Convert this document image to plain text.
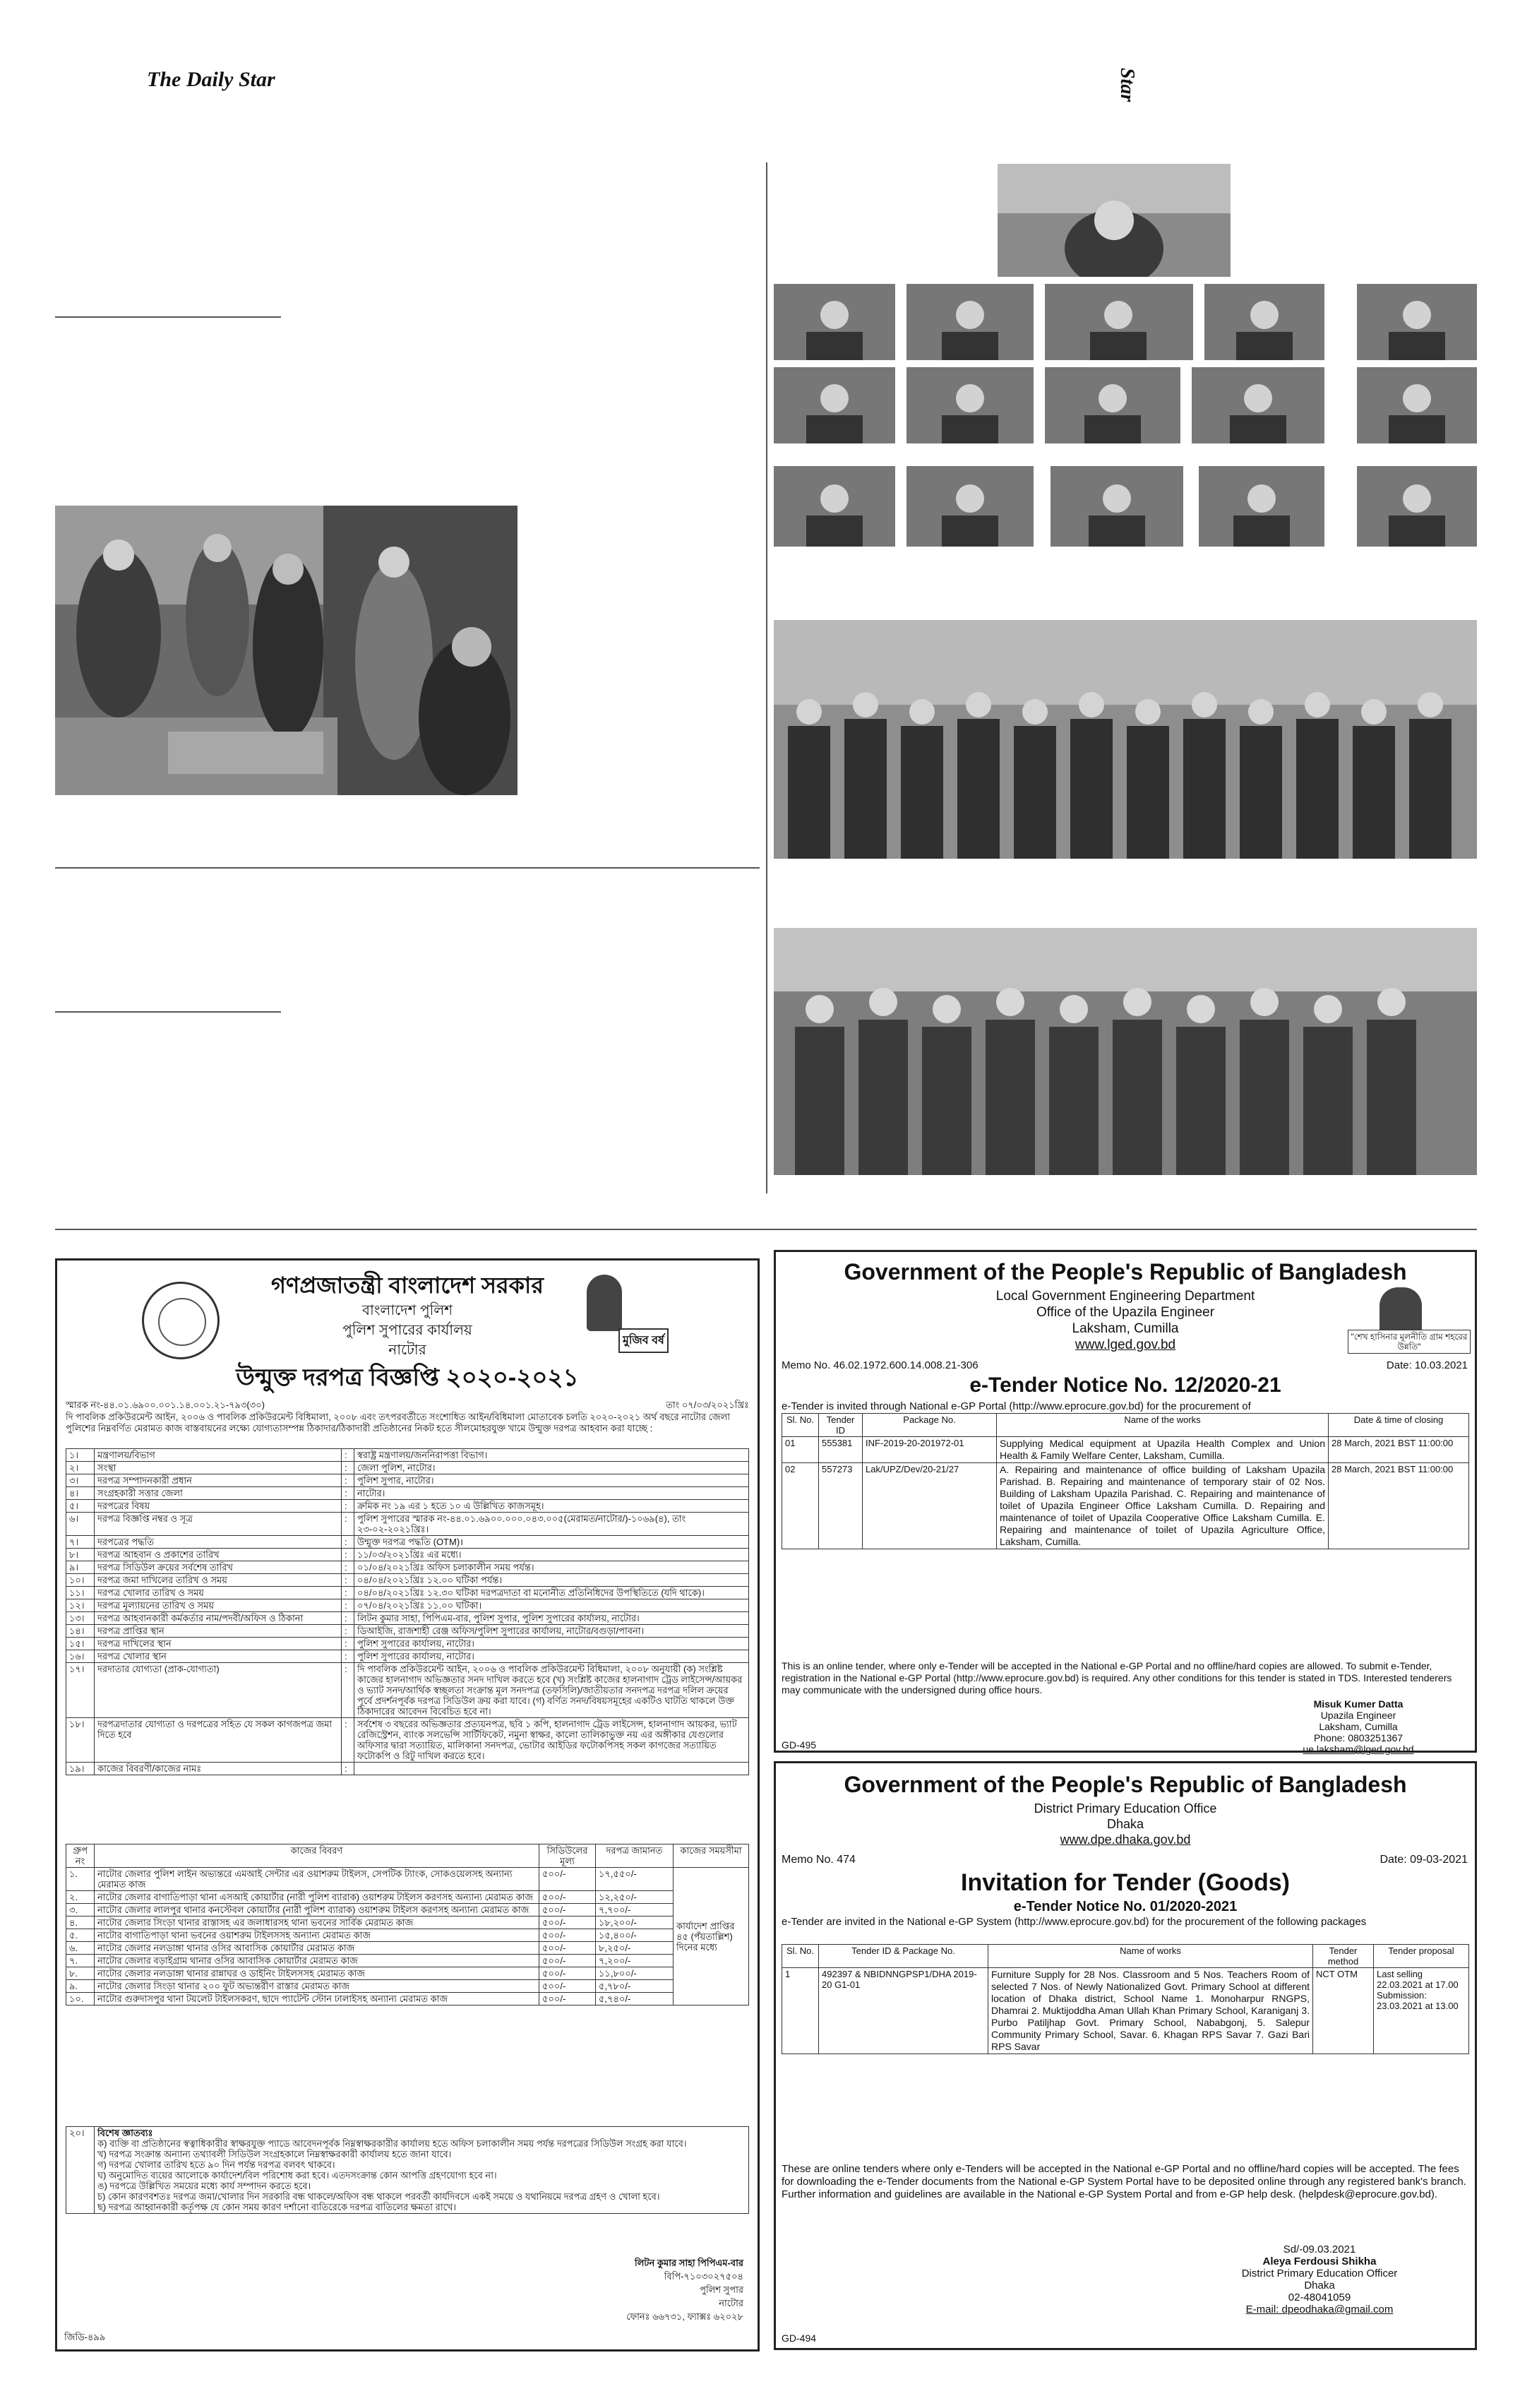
The Daily Star	Star
মুজিব বর্ষ
গণপ্রজাতন্ত্রী বাংলাদেশ সরকার
বাংলাদেশ পুলিশ
পুলিশ সুপারের কার্যালয়
নাটোর
উন্মুক্ত দরপত্র বিজ্ঞপ্তি ২০২০-২০২১
স্মারক নং-৪৪.০১.৬৯০০.০০১.১৪.০০১.২১-৭৯৩(৩০)	তাং ০৭/০৩/২০২১খ্রিঃ
দি পাবলিক প্রকিউরমেন্ট আইন, ২০০৬ ও পাবলিক প্রকিউরমেন্ট বিধিমালা, ২০০৮ এবং তৎপরবর্তীতে সংশোধিত আইন/বিধিমালা মোতাবেক চলতি ২০২০-২০২১ অর্থ বছরে নাটোর জেলা পুলিশের নিম্নবর্ণিত মেরামত কাজ বাস্তবায়নের লক্ষ্যে যোগ্যতাসম্পন্ন ঠিকাদার/ঠিকাদারী প্রতিষ্ঠানের নিকট হতে সীলমোহরযুক্ত খামে উন্মুক্ত দরপত্র আহবান করা যাচ্ছে :
১।	মন্ত্রণালয়/বিভাগ	:	স্বরাষ্ট্র মন্ত্রণালয়/জননিরাপত্তা বিভাগ।
২।	সংস্থা	:	জেলা পুলিশ, নাটোর।
৩।	দরপত্র সম্পাদনকারী প্রধান	:	পুলিশ সুপার, নাটোর।
৪।	সংগ্রহকারী সত্তার জেলা	:	নাটোর।
৫।	দরপত্রের বিষয়	:	ক্রমিক নং ১৯ এর ১ হতে ১০ এ উল্লিখিত কাজসমূহ।
৬।	দরপত্র বিজ্ঞপ্তি নম্বর ও সূত্র	:	পুলিশ সুপারের স্মারক নং-৪৪.০১.৬৯০০.০০০.০৪৩.০০৫(মেরামত/নাটোর/)-১০৬৯(৪), তাং ২৩-০২-২০২১খ্রিঃ।
৭।	দরপত্রের পদ্ধতি	:	উন্মুক্ত দরপত্র পদ্ধতি (OTM)।
৮।	দরপত্র আহবান ও প্রকাশের তারিখ	:	১১/০৩/২০২১খ্রিঃ এর মধ্যে।
৯।	দরপত্র সিডিউল ক্রয়ের সর্বশেষ তারিখ	:	০১/০৪/২০২১খ্রিঃ অফিস চলাকালীন সময় পর্যন্ত।
১০।	দরপত্র জমা দাখিলের তারিখ ও সময়	:	০৪/০৪/২০২১খ্রিঃ ১২.০০ ঘটিকা পর্যন্ত।
১১।	দরপত্র খোলার তারিখ ও সময়	:	০৪/০৪/২০২১খ্রিঃ ১২.৩০ ঘটিকা দরপত্রদাতা বা মনোনীত প্রতিনিধিদের উপস্থিতিতে (যদি থাকে)।
১২।	দরপত্র মূল্যায়নের তারিখ ও সময়	:	০৭/০৪/২০২১খ্রিঃ ১১.০০ ঘটিকা।
১৩।	দরপত্র আহবানকারী কর্মকর্তার নাম/পদবী/অফিস ও ঠিকানা	:	লিটন কুমার সাহা, পিপিএম-বার, পুলিশ সুপার, পুলিশ সুপারের কার্যালয়, নাটোর।
১৪।	দরপত্র প্রাপ্তির স্থান	:	ডিআইজি, রাজশাহী রেঞ্জ অফিস/পুলিশ সুপারের কার্যালয়, নাটোর/বগুড়া/পাবনা।
১৫।	দরপত্র দাখিলের স্থান	:	পুলিশ সুপারের কার্যালয়, নাটোর।
১৬।	দরপত্র খোলার স্থান	:	পুলিশ সুপারের কার্যালয়, নাটোর।
১৭।	দরদাতার যোগ্যতা (প্রাক-যোগ্যতা)	:	দি পাবলিক প্রকিউরমেন্ট আইন, ২০০৬ ও পাবলিক প্রকিউরমেন্ট বিধিমালা, ২০০৮ অনুযায়ী (ক) সংশ্লিষ্ট কাজের হালনাগাদ অভিজ্ঞতার সনদ দাখিল করতে হবে (খ) সংশ্লিষ্ট কাজের হালনাগাদ ট্রেড লাইসেন্স/আয়কর ও ভ্যাট সনদ/আর্থিক স্বচ্ছলতা সংক্রান্ত মূল সনদপত্র (তফসিলি)/জাতীয়তার সনদপত্র দরপত্র দলিল ক্রয়ের পূর্বে প্রদর্শনপূর্বক দরপত্র সিডিউল ক্রয় করা যাবে। (গ) বর্ণিত সনদ/বিষয়সমূহের একটিও ঘাটতি থাকলে উক্ত ঠিকাদারের আবেদন বিবেচিত হবে না।
১৮।	দরপত্রদাতার যোগ্যতা ও দরপত্রের সহিত যে সকল কাগজপত্র জমা দিতে হবে	:	সর্বশেষ ৩ বছরের অভিজ্ঞতার প্রত্যয়নপত্র, ছবি ১ কপি, হালনাগাদ ট্রেড লাইসেন্স, হালনাগাদ আয়কর, ভ্যাট রেজিস্ট্রেশন, ব্যাংক সলভেন্সি সার্টিফিকেট, নমুনা স্বাক্ষর, কালো তালিকাভুক্ত নয় এর অঙ্গীকার যেগুলোর অফিসার দ্বারা সত্যায়িত, মালিকানা সনদপত্র, ভোটার আইডির ফটোকপিসহ সকল কাগজের সত্যায়িত ফটোকপি ও রিটু দাখিল করতে হবে।
১৯।	কাজের বিবরণী/কাজের নামঃ	:	
গ্রুপ নং	কাজের বিবরণ	সিডিউলের মূল্য	দরপত্র জামানত	কাজের সময়সীমা
১.	নাটোর জেলার পুলিশ লাইন অভ্যন্তরে এমআই সেন্টার এর ওয়াশরুম টাইলস, সেপটিক ট্যাংক, সোকওয়েলসহ অন্যান্য মেরামত কাজ	৫০০/-	১৭,৫৫০/-	কার্যাদেশ প্রাপ্তির ৪৫ (পঁয়তাল্লিশ) দিনের মধ্যে
২.	নাটোর জেলার বাগাতিপাড়া থানা এসআই কোয়ার্টার (নারী পুলিশ ব্যারাক) ওয়াশরুম টাইলস করণসহ অন্যান্য মেরামত কাজ	৫০০/-	১২,২৫০/-	
৩.	নাটোর জেলার লালপুর থানার কনস্টেবল কোয়ার্টার (নারী পুলিশ ব্যারাক) ওয়াশরুম টাইলস করণসহ অন্যান্য মেরামত কাজ	৫০০/-	৭,৭০০/-	
৪.	নাটোর জেলার সিংড়া থানার রাস্তাসহ এর জলাধারসহ থানা ভবনের সার্বিক মেরামত কাজ	৫০০/-	১৮,২০০/-	
৫.	নাটোর বাগাতিপাড়া থানা ভবনের ওয়াশরুম টাইলসসহ অন্যান্য মেরামত কাজ	৫০০/-	১৫,৪০০/-	
৬.	নাটোর জেলার নলডাঙ্গা থানার ওসির আবাসিক কোয়ার্টার মেরামত কাজ	৫০০/-	৮,২৫০/-	
৭.	নাটোর জেলার বড়াইগ্রাম থানার ওসির আবাসিক কোয়ার্টার মেরামত কাজ	৫০০/-	৭,২০০/-	
৮.	নাটোর জেলার নলডাঙ্গা থানার রান্নাঘর ও ডাইনিং টাইলসসহ মেরামত কাজ	৫০০/-	১১,৮০০/-	
৯.	নাটোর জেলার সিংড়া থানার ২০০ ফুট অভ্যন্তরীণ রাস্তার মেরামত কাজ	৫০০/-	৫,৭৮০/-	
১০.	নাটোর গুরুদাসপুর থানা টয়লেট টাইলসকরণ, ছাদে প্যাটেন্ট স্টোন ঢালাইসহ অন্যান্য মেরামত কাজ	৫০০/-	৫,৭৪০/-	
২০।	বিশেষ জ্ঞাতব্যঃ
ক) ব্যক্তি বা প্রতিষ্ঠানের স্বত্বাধিকারীর স্বাক্ষরযুক্ত প্যাডে আবেদনপূর্বক নিম্নস্বাক্ষরকারীর কার্যালয় হতে অফিস চলাকালীন সময় পর্যন্ত দরপত্রের সিডিউল সংগ্রহ করা যাবে।
খ) দরপত্র সংক্রান্ত অন্যান্য তথ্যাবলী সিডিউল সংগ্রহকালে নিম্নস্বাক্ষরকারী কার্যালয় হতে জানা যাবে।
গ) দরপত্র খোলার তারিখ হতে ৯০ দিন পর্যন্ত দরপত্র বলবৎ থাকবে।
ঘ) অনুমোদিত ব্যয়ের আলোকে কার্যাদেশ/বিল পরিশোধ করা হবে। এতদসংক্রান্ত কোন আপত্তি গ্রহণযোগ্য হবে না।
ঙ) দরপত্রে উল্লিখিত সময়ের মধ্যে কার্য সম্পাদন করতে হবে।
চ) কোন কারণবশতঃ দরপত্র জমা/খোলার দিন সরকারি বন্ধ থাকলে/অফিস বন্ধ থাকলে পরবর্তী কার্যদিবসে একই সময়ে ও যথানিয়মে দরপত্র গ্রহণ ও খোলা হবে।
ছ) দরপত্র আহ্বানকারী কর্তৃপক্ষ যে কোন সময় কারণ দর্শানো ব্যতিরেকে দরপত্র বাতিলের ক্ষমতা রাখে।
লিটন কুমার সাহা পিপিএম-বার
বিপি-৭১০৩০২৭৫০৪
পুলিশ সুপার
নাটোর
ফোনঃ ৬৬৭৩১, ফ্যাক্সঃ ৬২০২৮
জিডি-৪৯৯
Government of the People's Republic of Bangladesh
Local Government Engineering Department
Office of the Upazila Engineer
Laksham, Cumilla
www.lged.gov.bd
"শেখ হাসিনার মূলনীতি গ্রাম শহরের উন্নতি"
Memo No. 46.02.1972.600.14.008.21-306	Date: 10.03.2021
e-Tender Notice No. 12/2020-21
e-Tender is invited through National e-GP Portal (http://www.eprocure.gov.bd) for the procurement of
Sl. No.	Tender ID	Package No.	Name of the works	Date & time of closing
01	555381	INF-2019-20-201972-01	Supplying Medical equipment at Upazila Health Complex and Union Health & Family Welfare Center, Laksham, Cumilla.	28 March, 2021 BST 11:00:00
02	557273	Lak/UPZ/Dev/20-21/27	A. Repairing and maintenance of office building of Laksham Upazila Parishad. B. Repairing and maintenance of temporary stair of 02 Nos. Building of Laksham Upazila Parishad. C. Repairing and maintenance of toilet of Upazila Engineer Office Laksham Cumilla. D. Repairing and maintenance of toilet of Upazila Cooperative Office Laksham Cumilla. E. Repairing and maintenance of toilet of Upazila Agriculture Office, Laksham, Cumilla.	28 March, 2021 BST 11:00:00
This is an online tender, where only e-Tender will be accepted in the National e-GP Portal and no offline/hard copies are allowed. To submit e-Tender, registration in the National e-GP Portal (http://www.eprocure.gov.bd) is required. Any other conditions for this tender is stated in TDS. Interested tenderers may communicate with the undersigned during office hours.
Misuk Kumer Datta
Upazila Engineer
Laksham, Cumilla
Phone: 0803251367
ue.laksham@lged.gov.bd
GD-495
Government of the People's Republic of Bangladesh
District Primary Education Office
Dhaka
www.dpe.dhaka.gov.bd
Memo No. 474	Date: 09-03-2021
Invitation for Tender (Goods)
e-Tender Notice No. 01/2020-2021
e-Tender are invited in the National e-GP System (http://www.eprocure.gov.bd) for the procurement of the following packages
Sl. No.	Tender ID & Package No.	Name of works	Tender method	Tender proposal
1	492397 & NBIDNNGPSP1/DHA 2019-20 G1-01	Furniture Supply for 28 Nos. Classroom and 5 Nos. Teachers Room of selected 7 Nos. of Newly Nationalized Govt. Primary School at different location of Dhaka district, School Name 1. Monoharpur RNGPS, Dhamrai 2. Muktijoddha Aman Ullah Khan Primary School, Karaniganj 3. Purbo Patiljhap Govt. Primary School, Nababgonj, 5. Salepur Community Primary School, Savar. 6. Khagan RPS Savar 7. Gazi Bari RPS Savar	NCT OTM	Last selling 22.03.2021 at 17.00 Submission: 23.03.2021 at 13.00
These are online tenders where only e-Tenders will be accepted in the National e-GP Portal and no offline/hard copies will be accepted. The fees for downloading the e-Tender documents from the National e-GP System Portal have to be deposited online through any registered bank's branch. Further information and guidelines are available in the National e-GP System Portal and from e-GP help desk. (helpdesk@eprocure.gov.bd).
Sd/-09.03.2021
Aleya Ferdousi Shikha
District Primary Education Officer
Dhaka
02-48041059
E-mail: dpeodhaka@gmail.com
GD-494
